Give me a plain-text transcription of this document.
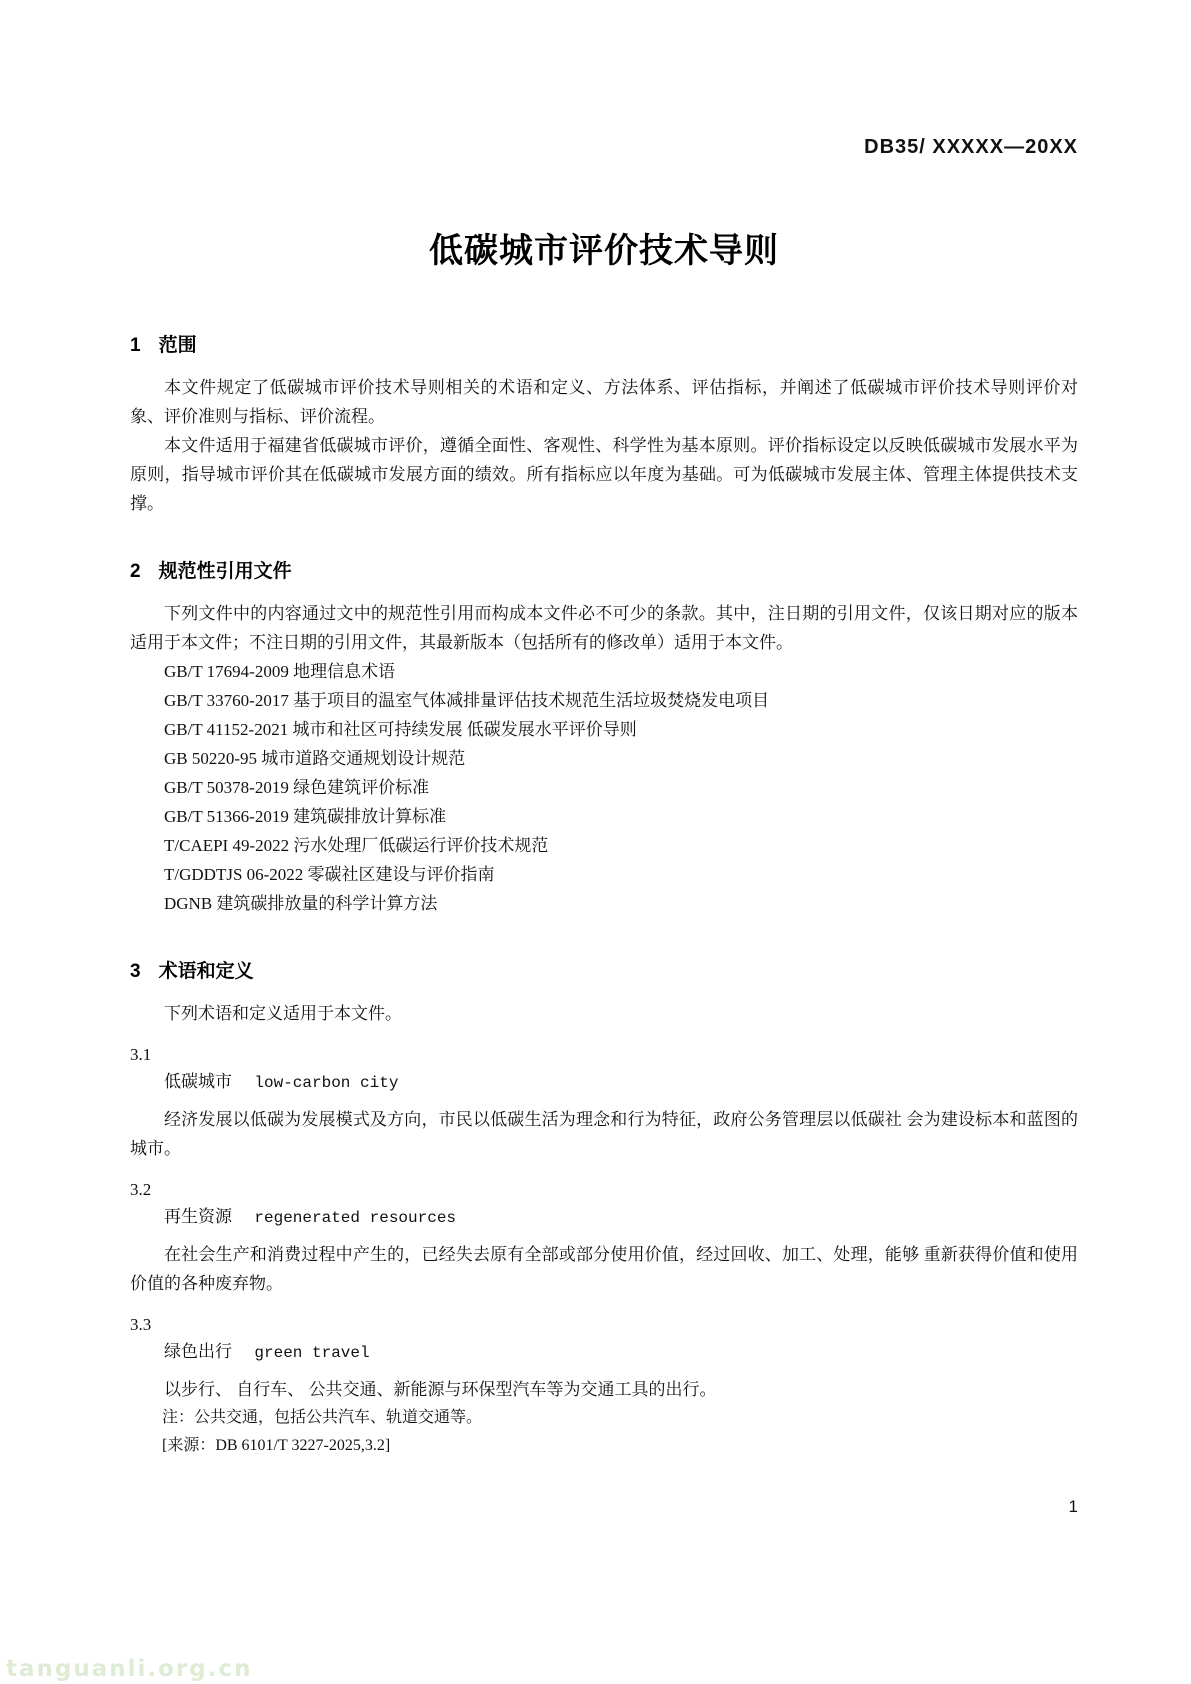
DB35/ XXXXX—20XX
低碳城市评价技术导则
1 范围

本文件规定了低碳城市评价技术导则相关的术语和定义、方法体系、评估指标，并阐述了低碳城市评价技术导则评价对象、评价准则与指标、评价流程。

本文件适用于福建省低碳城市评价，遵循全面性、客观性、科学性为基本原则。评价指标设定以反映低碳城市发展水平为原则，指导城市评价其在低碳城市发展方面的绩效。所有指标应以年度为基础。可为低碳城市发展主体、管理主体提供技术支撑。

2 规范性引用文件

下列文件中的内容通过文中的规范性引用而构成本文件必不可少的条款。其中，注日期的引用文件，仅该日期对应的版本适用于本文件；不注日期的引用文件，其最新版本（包括所有的修改单）适用于本文件。

GB/T 17694-2009 地理信息术语
GB/T 33760-2017 基于项目的温室气体减排量评估技术规范生活垃圾焚烧发电项目
GB/T 41152-2021 城市和社区可持续发展 低碳发展水平评价导则
GB 50220-95 城市道路交通规划设计规范
GB/T 50378-2019 绿色建筑评价标准
GB/T 51366-2019 建筑碳排放计算标准
T/CAEPI 49-2022 污水处理厂低碳运行评价技术规范
T/GDDTJS 06-2022 零碳社区建设与评价指南
DGNB 建筑碳排放量的科学计算方法
3 术语和定义

下列术语和定义适用于本文件。

3.1
低碳城市 low-carbon city

经济发展以低碳为发展模式及方向，市民以低碳生活为理念和行为特征，政府公务管理层以低碳社 会为建设标本和蓝图的城市。

3.2
再生资源 regenerated resources

在社会生产和消费过程中产生的，已经失去原有全部或部分使用价值，经过回收、加工、处理，能够 重新获得价值和使用价值的各种废弃物。

3.3
绿色出行 green travel

以步行、 自行车、 公共交通、新能源与环保型汽车等为交通工具的出行。

注：公共交通，包括公共汽车、轨道交通等。

[来源：DB 6101/T 3227-2025,3.2]

1
tanguanli.org.cn
